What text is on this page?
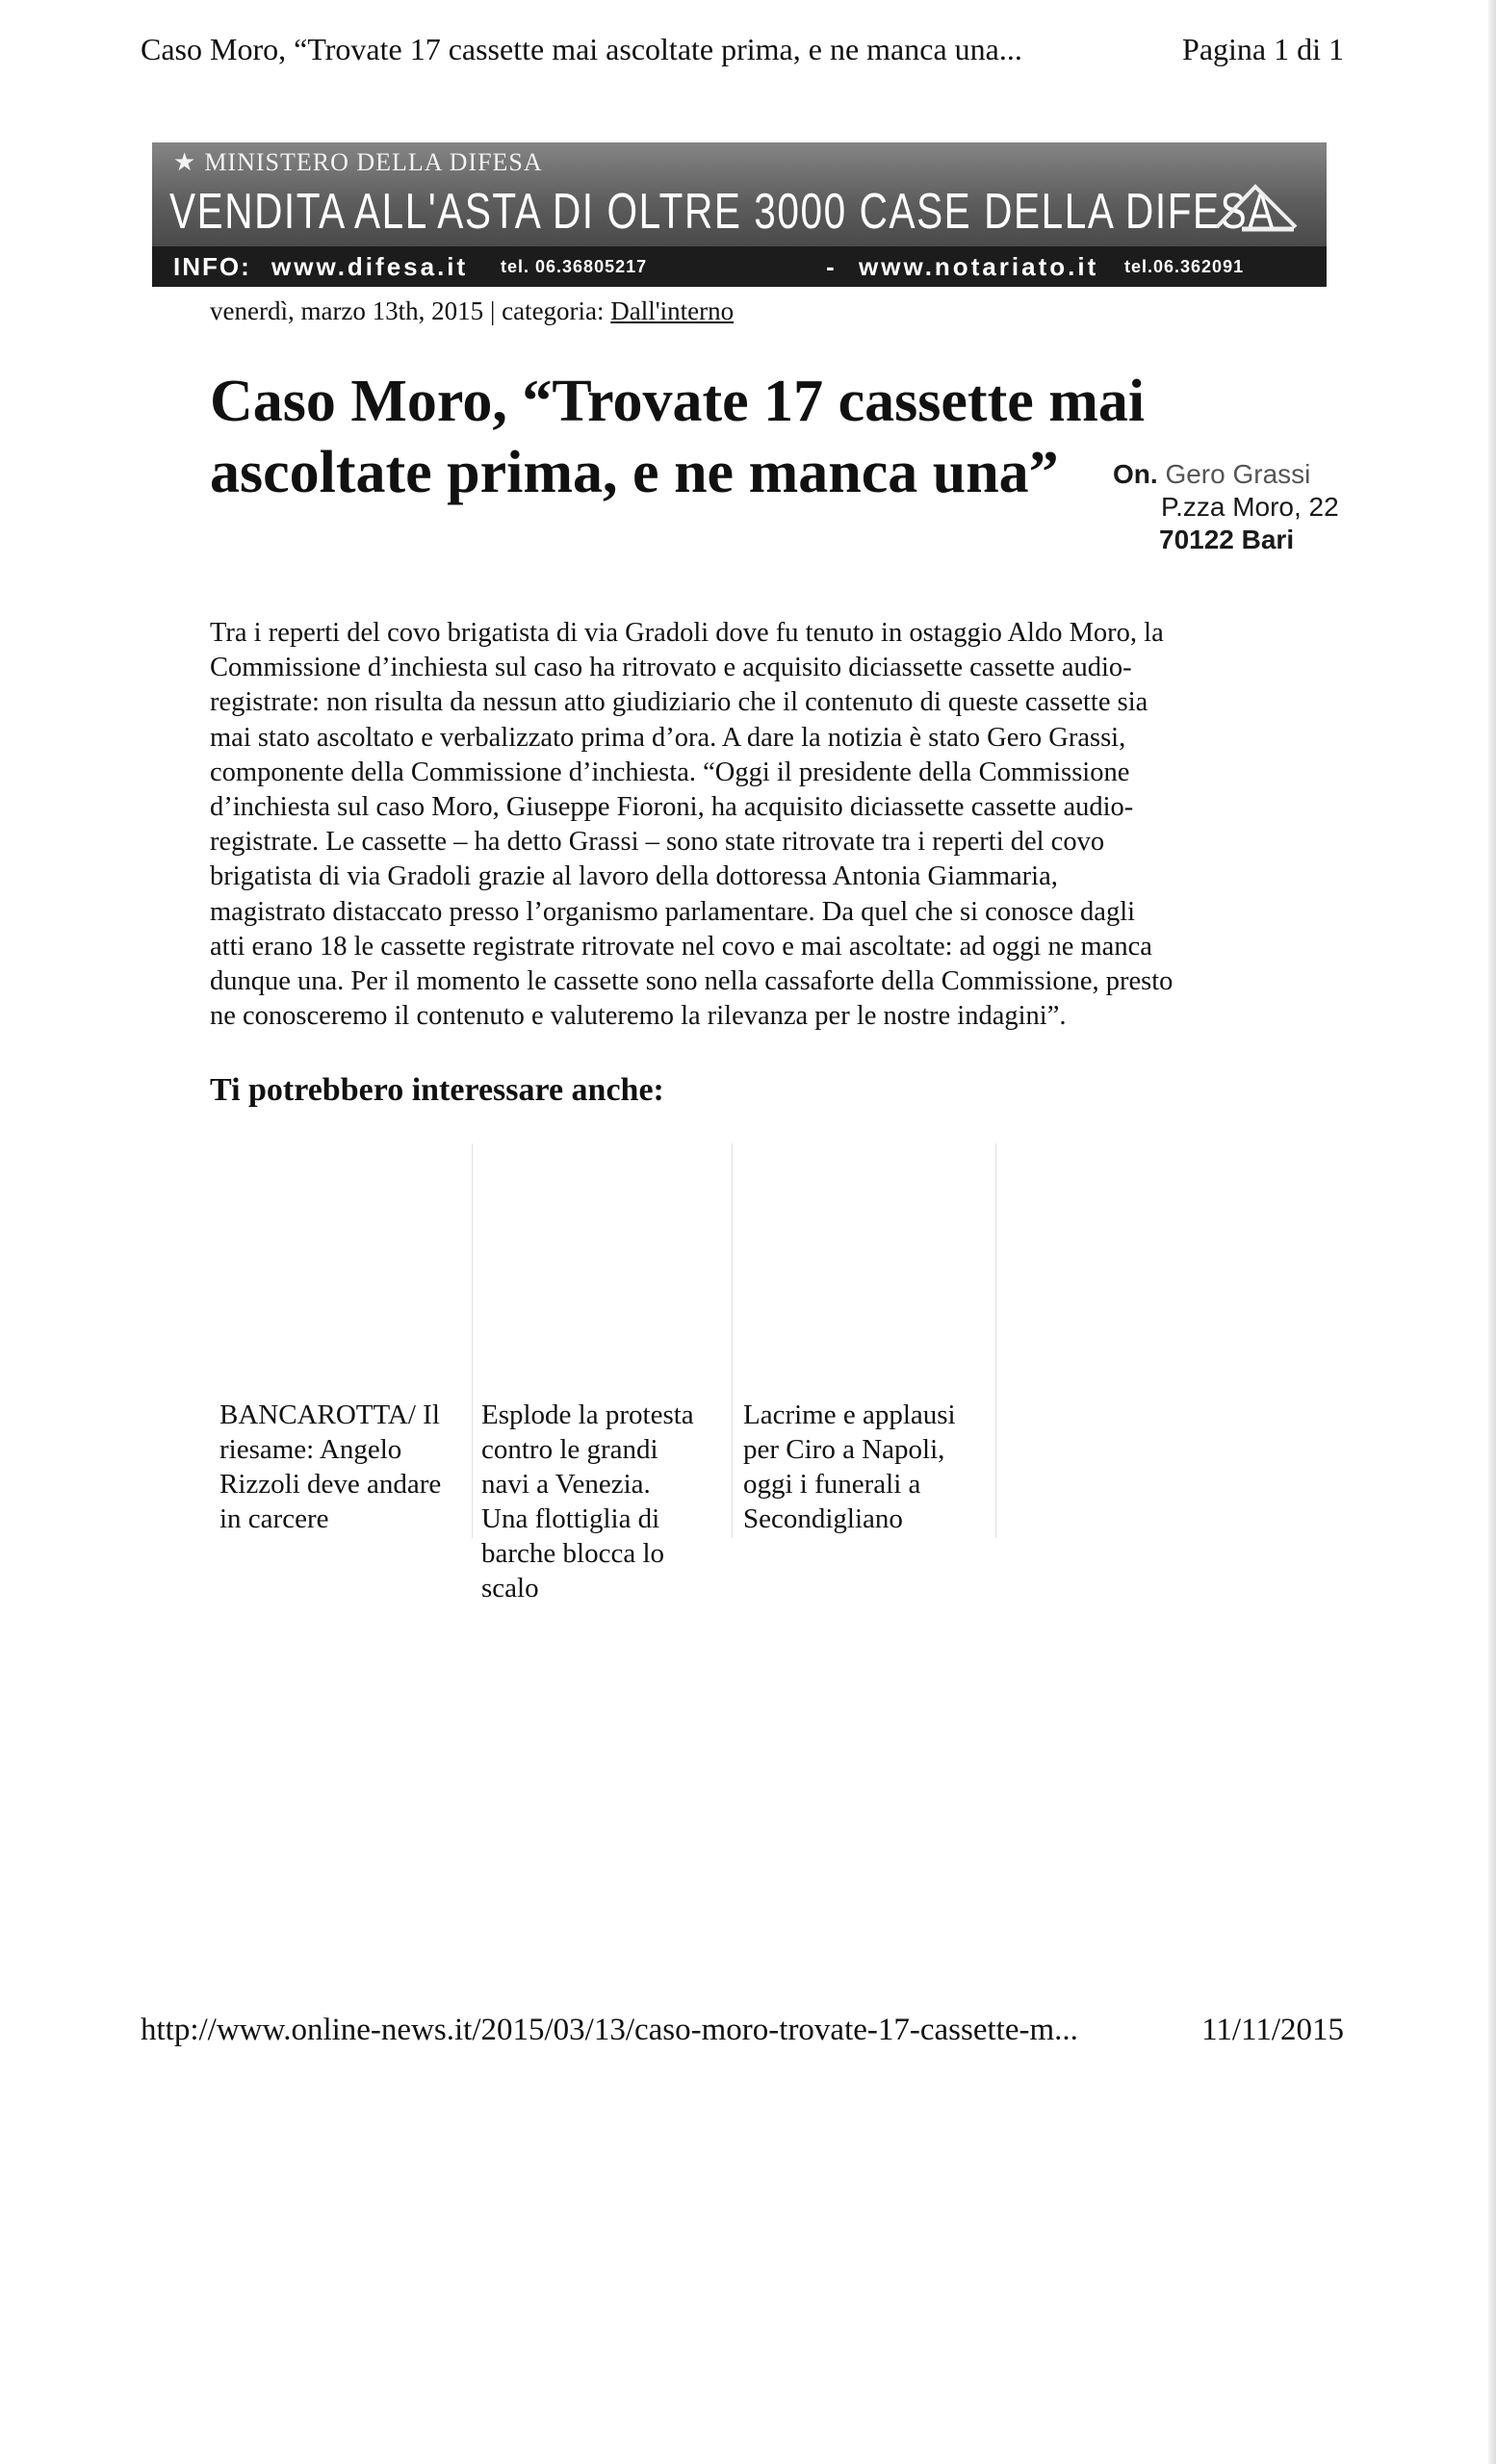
Caso Moro, “Trovate 17 cassette mai ascoltate prima, e ne manca una...	Pagina 1 di 1
★ MINISTERO DELLA DIFESA
VENDITA ALL'ASTA DI OLTRE 3000 CASE DELLA DIFESA
INFO: www.difesa.it tel. 06.36805217	- www.notariato.it tel.06.362091
venerdì, marzo 13th, 2015 | categoria: Dall'interno
Caso Moro, “Trovate 17 cassette mai ascoltate prima, e ne manca una”	On. Gero Grassi
P.zza Moro, 22
70122 Bari
Tra i reperti del covo brigatista di via Gradoli dove fu tenuto in ostaggio Aldo Moro, la
Commissione d’inchiesta sul caso ha ritrovato e acquisito diciassette cassette audio-
registrate: non risulta da nessun atto giudiziario che il contenuto di queste cassette sia
mai stato ascoltato e verbalizzato prima d’ora. A dare la notizia è stato Gero Grassi,
componente della Commissione d’inchiesta. “Oggi il presidente della Commissione
d’inchiesta sul caso Moro, Giuseppe Fioroni, ha acquisito diciassette cassette audio-
registrate. Le cassette – ha detto Grassi – sono state ritrovate tra i reperti del covo
brigatista di via Gradoli grazie al lavoro della dottoressa Antonia Giammaria,
magistrato distaccato presso l’organismo parlamentare. Da quel che si conosce dagli
atti erano 18 le cassette registrate ritrovate nel covo e mai ascoltate: ad oggi ne manca
dunque una. Per il momento le cassette sono nella cassaforte della Commissione, presto
ne conosceremo il contenuto e valuteremo la rilevanza per le nostre indagini”.
Ti potrebbero interessare anche:
BANCAROTTA/ Il
riesame: Angelo
Rizzoli deve andare
in carcere
Esplode la protesta
contro le grandi
navi a Venezia.
Una flottiglia di
barche blocca lo
scalo
Lacrime e applausi
per Ciro a Napoli,
oggi i funerali a
Secondigliano
http://www.online-news.it/2015/03/13/caso-moro-trovate-17-cassette-m...	11/11/2015
